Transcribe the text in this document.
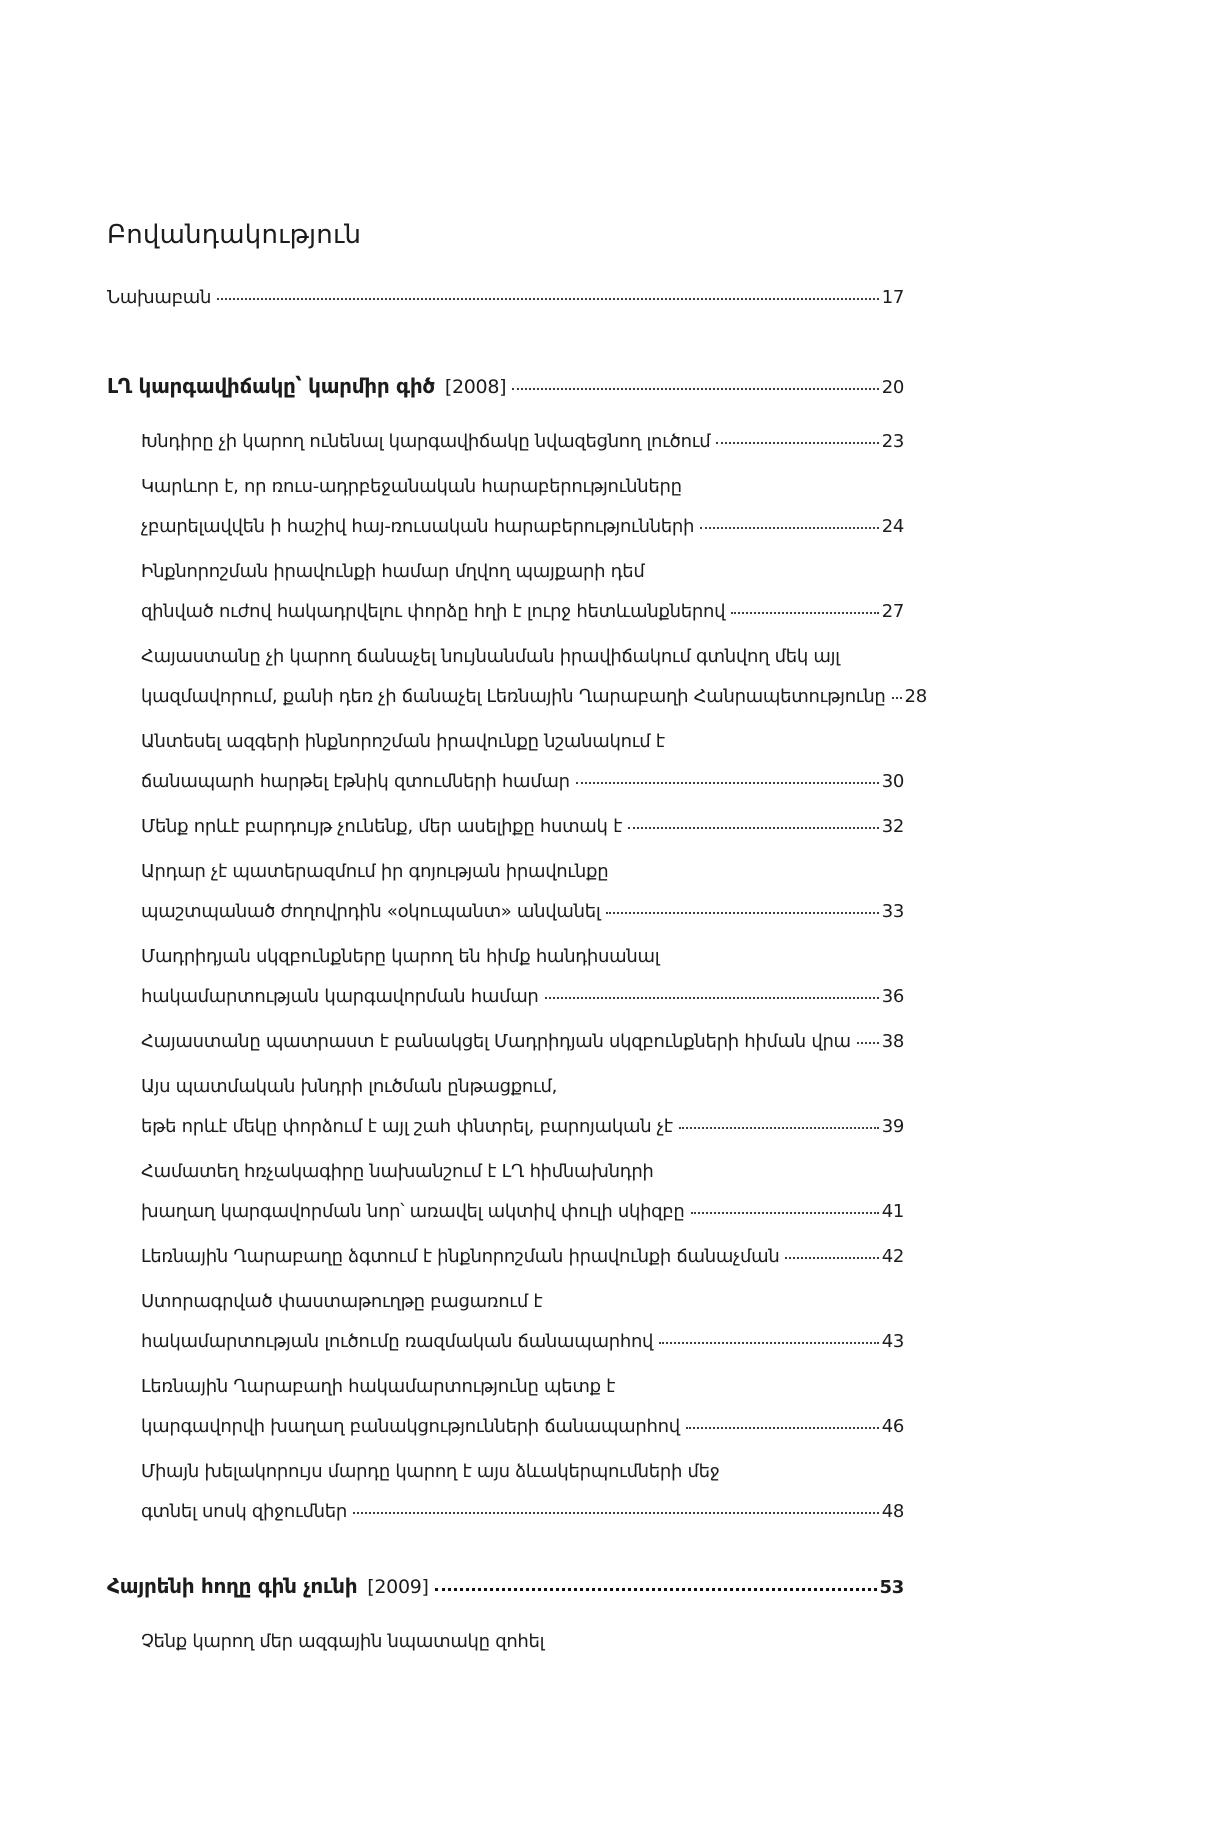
Բովանդակություն
Նախաբան	17
ԼՂ կարգավիճակը՝ կարմիր գիծ [2008]	20
Խնդիրը չի կարող ունենալ կարգավիճակը նվազեցնող լուծում	23
Կարևոր է, որ ռուս-ադրբեջանական հարաբերությունները
չբարելավվեն ի հաշիվ հայ-ռուսական հարաբերությունների	24
Ինքնորոշման իրավունքի համար մղվող պայքարի դեմ
զինված ուժով հակադրվելու փորձը հղի է լուրջ հետևանքներով	27
Հայաստանը չի կարող ճանաչել նույնանման իրավիճակում գտնվող մեկ այլ
կազմավորում, քանի դեռ չի ճանաչել Լեռնային Ղարաբաղի Հանրապետությունը 28
Անտեսել ազգերի ինքնորոշման իրավունքը նշանակում է
ճանապարհ հարթել էթնիկ զտումների համար	30
Մենք որևէ բարդույթ չունենք, մեր ասելիքը հստակ է	32
Արդար չէ պատերազմում իր գոյության իրավունքը
պաշտպանած ժողովրդին «օկուպանտ» անվանել	33
Մադրիդյան սկզբունքները կարող են հիմք հանդիսանալ
հակամարտության կարգավորման համար	36
Հայաստանը պատրաստ է բանակցել Մադրիդյան սկզբունքների հիման վրա 38
Այս պատմական խնդրի լուծման ընթացքում,
եթե որևէ մեկը փորձում է այլ շահ փնտրել, բարոյական չէ	39
Համատեղ հռչակագիրը նախանշում է ԼՂ հիմնախնդրի
խաղաղ կարգավորման նոր՝ առավել ակտիվ փուլի սկիզբը	41
Լեռնային Ղարաբաղը ձգտում է ինքնորոշման իրավունքի ճանաչման	42
Ստորագրված փաստաթուղթը բացառում է
հակամարտության լուծումը ռազմական ճանապարհով	43
Լեռնային Ղարաբաղի հակամարտությունը պետք է
կարգավորվի խաղաղ բանակցությունների ճանապարհով	46
Միայն խելակորույս մարդը կարող է այս ձևակերպումների մեջ
գտնել սոսկ զիջումներ	48
Հայրենի հողը գին չունի [2009]	53
Չենք կարող մեր ազգային նպատակը զոհել
